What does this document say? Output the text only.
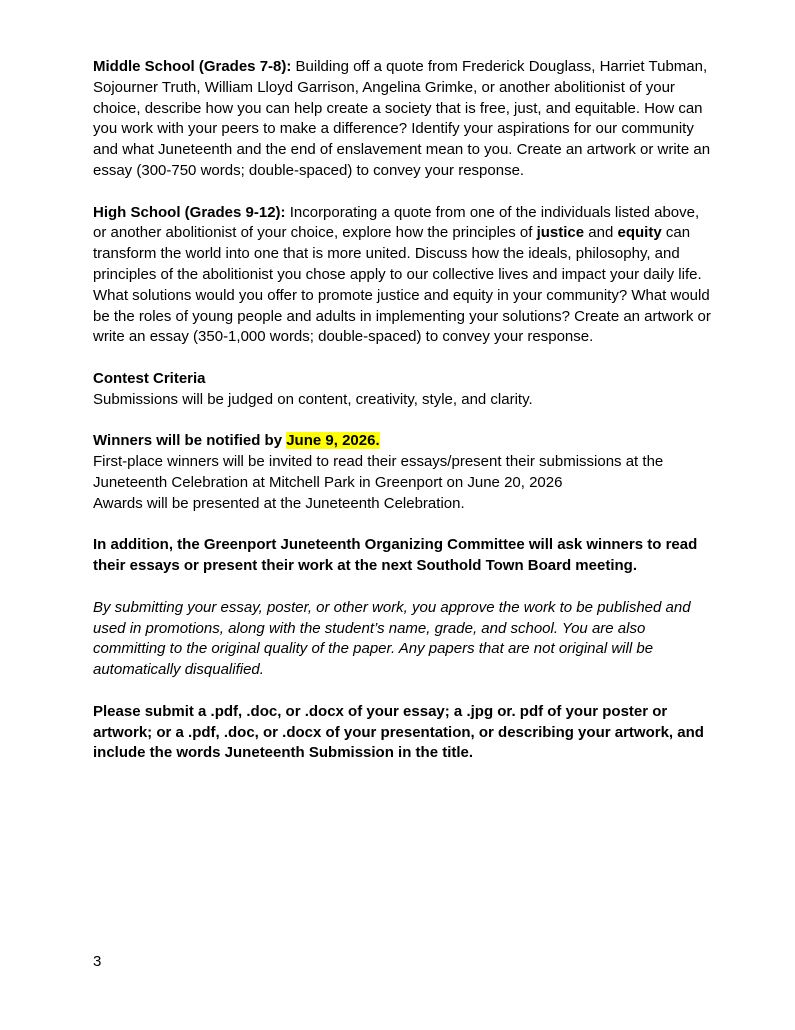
Middle School (Grades 7-8): Building off a quote from Frederick Douglass, Harriet Tubman, Sojourner Truth, William Lloyd Garrison, Angelina Grimke, or another abolitionist of your choice, describe how you can help create a society that is free, just, and equitable. How can you work with your peers to make a difference? Identify your aspirations for our community and what Juneteenth and the end of enslavement mean to you. Create an artwork or write an essay (300-750 words; double-spaced) to convey your response.

High School (Grades 9-12): Incorporating a quote from one of the individuals listed above, or another abolitionist of your choice, explore how the principles of justice and equity can transform the world into one that is more united. Discuss how the ideals, philosophy, and principles of the abolitionist you chose apply to our collective lives and impact your daily life. What solutions would you offer to promote justice and equity in your community? What would be the roles of young people and adults in implementing your solutions? Create an artwork or write an essay (350-1,000 words; double-spaced) to convey your response.

Contest Criteria
Submissions will be judged on content, creativity, style, and clarity.

Winners will be notified by June 9, 2026.
First-place winners will be invited to read their essays/present their submissions at the Juneteenth Celebration at Mitchell Park in Greenport on June 20, 2026
Awards will be presented at the Juneteenth Celebration.

In addition, the Greenport Juneteenth Organizing Committee will ask winners to read their essays or present their work at the next Southold Town Board meeting.

By submitting your essay, poster, or other work, you approve the work to be published and used in promotions, along with the student’s name, grade, and school. You are also committing to the original quality of the paper. Any papers that are not original will be automatically disqualified.

Please submit a .pdf, .doc, or .docx of your essay; a .jpg or. pdf of your poster or artwork; or a .pdf, .doc, or .docx of your presentation, or describing your artwork, and include the words Juneteenth Submission in the title.

3
